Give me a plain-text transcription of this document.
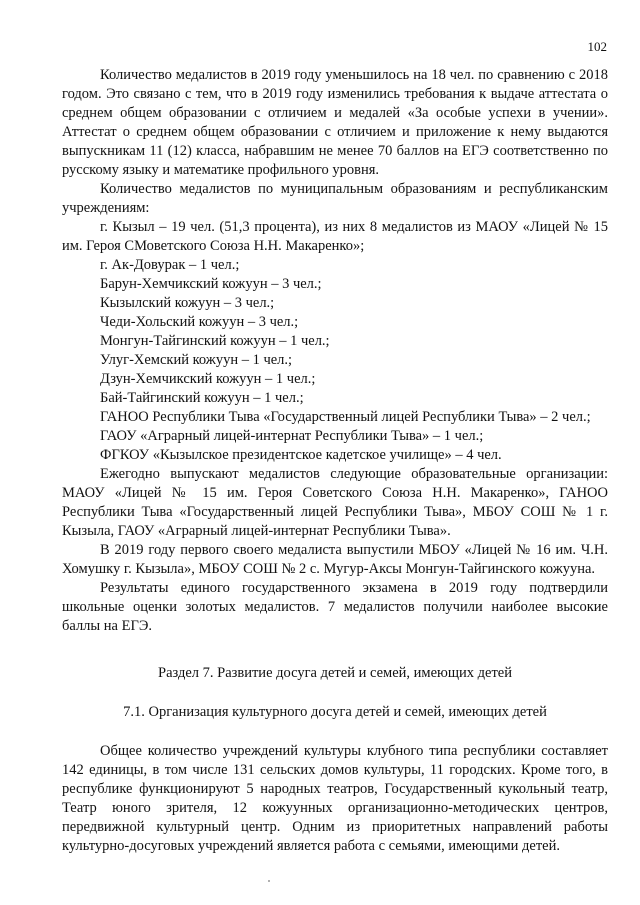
102

Количество медалистов в 2019 году уменьшилось на 18 чел. по сравнению с 2018 годом. Это связано с тем, что в 2019 году изменились требования к выдаче аттестата о среднем общем образовании с отличием и медалей «За особые успехи в учении». Аттестат о среднем общем образовании с отличием и приложение к нему выдаются выпускникам 11 (12) класса, набравшим не менее 70 баллов на ЕГЭ соответственно по русскому языку и математике профильного уровня.

Количество медалистов по муниципальным образованиям и республиканским учреждениям:

г. Кызыл – 19 чел. (51,3 процента), из них 8 медалистов из МАОУ «Лицей № 15 им. Героя СМоветского Союза Н.Н. Макаренко»;

г. Ак-Довурак – 1 чел.;

Барун-Хемчикский кожуун – 3 чел.;

Кызылский кожуун – 3 чел.;

Чеди-Хольский кожуун – 3 чел.;

Монгун-Тайгинский кожуун – 1 чел.;

Улуг-Хемский кожуун – 1 чел.;

Дзун-Хемчикский кожуун – 1 чел.;

Бай-Тайгинский кожуун – 1 чел.;

ГАНОО Республики Тыва «Государственный лицей Республики Тыва» – 2 чел.;

ГАОУ «Аграрный лицей-интернат Республики Тыва» – 1 чел.;

ФГКОУ «Кызылское президентское кадетское училище» – 4 чел.

Ежегодно выпускают медалистов следующие образовательные организации: МАОУ «Лицей № 15 им. Героя Советского Союза Н.Н. Макаренко», ГАНОО Республики Тыва «Государственный лицей Республики Тыва», МБОУ СОШ № 1 г. Кызыла, ГАОУ «Аграрный лицей-интернат Республики Тыва».

В 2019 году первого своего медалиста выпустили МБОУ «Лицей № 16 им. Ч.Н. Хомушку г. Кызыла», МБОУ СОШ № 2 с. Мугур-Аксы Монгун-Тайгинского кожууна.

Результаты единого государственного экзамена в 2019 году подтвердили школьные оценки золотых медалистов. 7 медалистов получили наиболее высокие баллы на ЕГЭ.

Раздел 7. Развитие досуга детей и семей, имеющих детей

7.1. Организация культурного досуга детей и семей, имеющих детей

Общее количество учреждений культуры клубного типа республики составляет 142 единицы, в том числе 131 сельских домов культуры, 11 городских. Кроме того, в республике функционируют 5 народных театров, Государственный кукольный театр, Театр юного зрителя, 12 кожуунных организационно-методических центров, передвижной культурный центр. Одним из приоритетных направлений работы культурно-досуговых учреждений является работа с семьями, имеющими детей.
